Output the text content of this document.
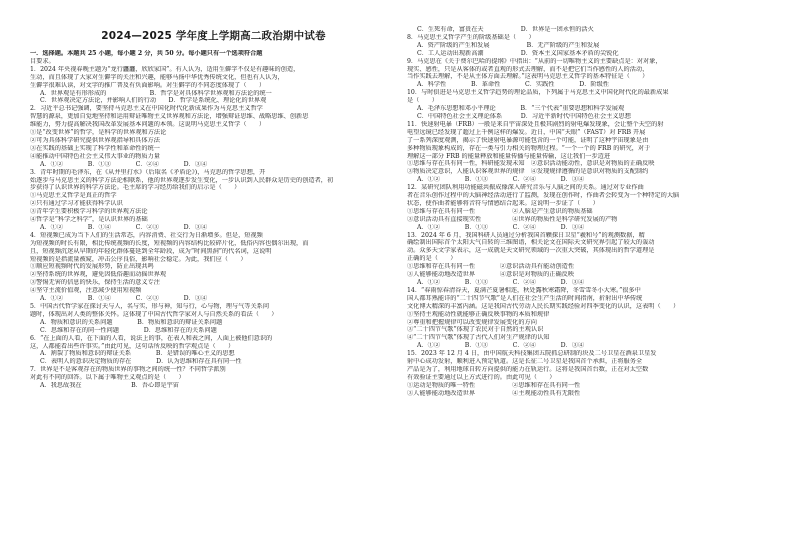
2024—2025 学年度上学期高二政治期中试卷
一．选择题。本题共 25 小题，每小题 2 分，共 50 分。每小题只有一个选项符合题
目要求。
1．2024 年央视春晚主题为“龙行龘龘，欣欣家国”。有人认为，适用生僻字不仅是有趣味的创造，
生动，而且体现了大家对生僻字的关注和兴趣，能够马扬中华优秀传统文化，但也有人认为，
生僻字很难认读，对文字的推广普及有负面影响。对生僻字的不同态度体现了（　　）
A．世界观是有形形成的　　　　　　　B．哲学是对具体科学世界观和方法论的统一
C．世界观决定方法论，并影响人们的行动　　D．哲学是系统化、理论化的世界观
2．习近平总书记强调，要坚持马克思主义在中国化时代化新成果作为马克思主义哲学
智慧的源泉，更加自觉地坚持和运用辩证唯物主义世界观和方法论，增强辩证思维、战略思维、创新思
维能力，努力提高解决我国改革发展基本问题的本领。这说明马克思主义哲学（　　）
①是“改变世界”的哲学，是科学的世界观和方法论
②可为具体科学研究提供世界观指导和具体方法
③在实践的基础上实现了科学性和革命性的统一
④能推动中国特色社会主义伟大事业的物质力量
A．①②　　　　B．①③　　　　C．②④　　　　D．③④
3．青年时期的毛泽东，在《从井里打水》（后取名《矛盾论》)，马克思的哲学思想，开
始逐步与马克思主义的科学方法论相联系，他的世界观逐步发生变化，一步认识到人民群众是历史的创造者，初
步获得了认识世界的科学方法论。毛主席的学习经历给我们的启示是（　　）
①马克思主义哲学是真正的哲学
②只有通过学习才能获得科学认识
③青年学生要积极学习科学的世界观方法论
④哲学是“科学之科学”，是认识世界的基础
A．①②　　　　B．①④　　　　C．②③　　　　D．③④
4．短视频已成为当下人们的生活常态，内容消费、社交行为日渐增多。但是，短视频
为短视频的时长有限，相比传统视频的长度，短视频的内容结构比较碎片化，低俗内容也偶尔出现，而
且，短视频沉迷从早期的年轻化群体蔓延到全年龄段，成为“时间黑洞”的代名词，这说明
短视频的是指流量被窥，冲击公序良俗，影响社会稳定。为此，我们应（　　）
①顺应短视频时代的发展形势，防止出现共鸣
②坚持系统的世界观，避免因低俗趣而动摇世界观
③警惕无害的信息的快乐，保持生活的意义专注
④坚守主流价值观，注意减少使用短视频
A．①②　　　　B．①④　　　　C．②③　　　　D．③④
5．中国古代哲学家在探讨天与人，名与实，形与神，知与行，心与物，理与气等关系问
题时，体现出对人类的整体关怀。这体现了中国古代哲学家对人与自然关系的看法（　　）
A．物质和意识的关系问题　　　　B．物质和意识的辩证关系问题
C．思维和存在的同一性问题　　　　D．思维和存在的关系问题
6．“在上面的人看，在下面的人看，说法上的事，在表人和表之间，人面上被他们意识的
这，人都能看出些许事实。”由此可见，这句话所反映的哲学观点是（　　）
A．割裂了物质和意识的辩证关系　　　　B．是错误的唯心主义的思想
C．表明人的意识决定物质的存在　　　　D．认为思维和存在具有同一性
7．世界是不是客观存在的物质世界的事物之间的统一性？不同哲学派别
对此有不同的回答。以下属于唯物主义观点的是（　　）
A．我思故我在　　　　　　　　B．吾心即是宇宙
C．生死有命，富贵在天　　　　　　D．世界是一团永恒的活火
8．马克思主义哲学产生的阶级基础是（　　）
A．资产阶级的产生和发展　　　　　　B．无产阶级的产生和发展
C．工人运动出现新高潮　　　　　　D．资本主义国家基本矛盾的尖锐化
9．马克思在《关于费尔巴哈的提纲》中指出：“从前的一切唯物主义的主要缺点是：对对象，
现实、感性，只是从客体的或者直观的形式去理解，而不是把它们当作感性的人的活动，
当作实践去理解，不是从主体方面去理解。”这表明马克思主义哲学的基本特征是（　　）
A．科学性　　　　B．革命性　　　　C．实践性　　　　D．阶级性
10．与时俱进是马克思主义哲学趋势的理论品质，下列属于马克思主义中国化时代化的最新成果
是（　　）
A．毛泽东思想和邓小平理论　　　　B．“三个代表”重要思想和科学发展观
C．中国特色社会主义理论体系　　　D．习近平新时代中国特色社会主义思想
11．快速射电暴（FRB）一般是来自宇宙深处且极其剧烈的射电爆发现象，会让整个天空的射
电望远镜已经发现了超过上千例这样的爆发。近日，中国“天眼”（FAST）对 FRB 开展
了一系列深度观测，揭示了快速射电暴源可能包含的一个可能，证明了这种宇宙现象是由
多种物质现象构成的，存在一类与引力相关的物理过程。“一个一个的 FRB 的研究，对于
理解这一部分 FRB 的能量释放和能量传播与能量传输，这让我们一步迈进
①思维与存在具有同一性，科研能发现未知　②意识活动能动性，意识是对物质的正确反映
③物质决定意识，人能认识客观世界的规律　④发现规律遵循的是意识对物质的支配制约
A．①②　　　　B．①③　　　　C．②④　　　　D．③④
12．某研究团队利用功能磁共振成像深入研究音乐与人脑之间的关系。通过对专业作曲
者在音乐创作过程中的大脑神经活动进行了监测，发现在创作时，作曲者会转变为一个种特定的大脑
状态，使作曲者能够将音符与情感结合起来。这说明一步证了（　　）
①思维与存在具有同一性　　　　　　②人脑是产生意识的物质基础
③意识活动具有直接现实性　　　　　④世界的物质性是科学研究发展的产物
A．①②　　　　B．①③　　　　C．②④　　　　D．③④
13．2024 年 6 月，我国科研人员通过分析我国首颗探日卫星“羲和号”的观测数据，精
确绘制出国际首个太阳大气自转的三维图谱，相关论文在国际天文研究界引起了较大的轰动
动。众多天文学家表示，这一成就是天文研究领域的一次重大突破，其体现出的哲学道理是
正确的是（　　）
①思维和存在具有同一性　　　　②意识活动具有能动创造性
③人能够能动地改造世界　　　　④意识是对物质的正确反映
A．①②　　　　B．①③　　　　C．②④　　　　D．③④
14．“春雨惊春清谷天，夏满芒夏暑相连，秋处露秋寒霜降，冬雪雪冬小大寒。”很多中
国人都耳熟能详的“二十四节气歌”是人们在社会生产生活的时间指南，折射出中华传统
文化博大精深的丰富内涵。这是我国古代劳动人民长期实践经验对四季变化的认识，这表明（　　）
①坚持主观能动性就能够正确反映事物的本质和规律
②尊重和把握规律可以改变规律发展变化的方向
③“二十四节气歌”体现了农民对于自然的主观认识
④“二十四节气歌”体现了古代人们对生产规律的认知
A．①②　　　　B．①③　　　　C．②④　　　　D．③④
15．2023 年 12 月 4 日，由中国航天科技集团五院抓总研制的块及二号卫星在酒泉卫星发
射中心成功发射，顺利进入预定轨道。这是长征二号卫星是我国首个承担，正将服务全
产品是为了，利用地球自转方向提供的能力在轨运行。这将是我国首台数，正在对太空数
有效验证主要通过以上方式进行的。由此可见（　　）
①运动是物质的唯一特性　　　　　　②思维和存在具有同一性
③人能够能动地改造世界　　　　　　④主观能动性具有无限性
